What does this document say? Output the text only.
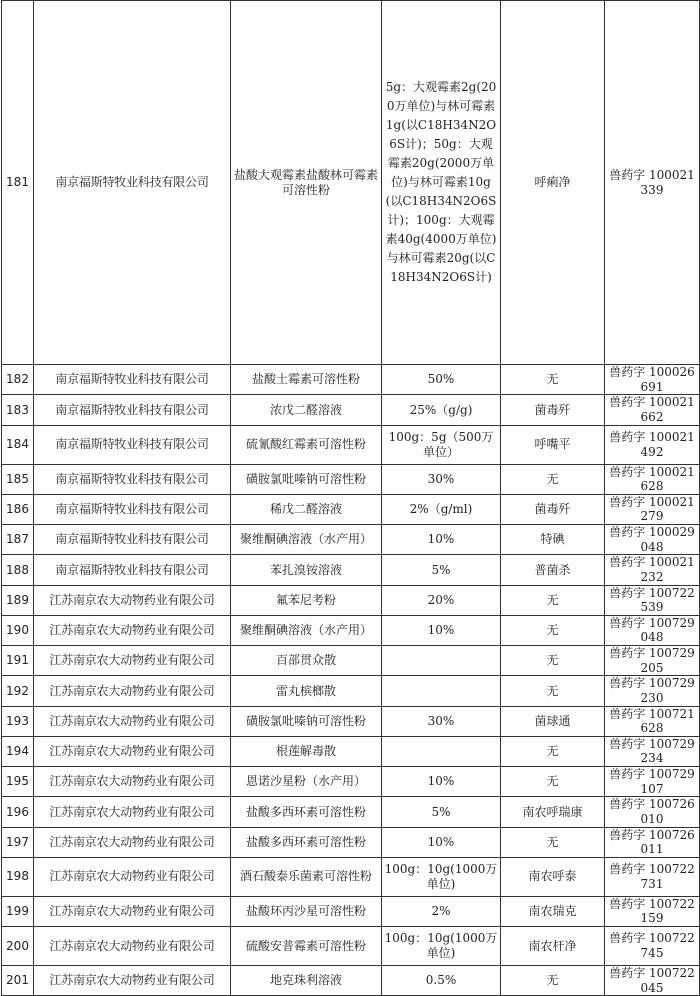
181	南京福斯特牧业科技有限公司	盐酸大观霉素盐酸林可霉素可溶性粉	5g：大观霉素2g(200万单位)与林可霉素1g(以C18H34N2O6S计)；50g：大观霉素20g(2000万单位)与林可霉素10g(以C18H34N2O6S计)；100g：大观霉素40g(4000万单位)与林可霉素20g(以C18H34N2O6S计)	呼痢净	兽药字 100021339
182	南京福斯特牧业科技有限公司	盐酸土霉素可溶性粉	50%	无	兽药字 100026691
183	南京福斯特牧业科技有限公司	浓戊二醛溶液	25%（g/g)	菌毒歼	兽药字 100021662
184	南京福斯特牧业科技有限公司	硫氰酸红霉素可溶性粉	100g：5g（500万单位）	呼嘴平	兽药字 100021492
185	南京福斯特牧业科技有限公司	磺胺氯吡嗪钠可溶性粉	30%	无	兽药字 100021628
186	南京福斯特牧业科技有限公司	稀戊二醛溶液	2%（g/ml)	菌毒歼	兽药字 100021279
187	南京福斯特牧业科技有限公司	聚维酮碘溶液（水产用）	10%	特碘	兽药字 100029048
188	南京福斯特牧业科技有限公司	苯扎溴铵溶液	5%	普菌杀	兽药字 100021232
189	江苏南京农大动物药业有限公司	氟苯尼考粉	20%	无	兽药字 100722539
190	江苏南京农大动物药业有限公司	聚维酮碘溶液（水产用）	10%	无	兽药字 100729048
191	江苏南京农大动物药业有限公司	百部贯众散		无	兽药字 100729205
192	江苏南京农大动物药业有限公司	雷丸槟榔散		无	兽药字 100729230
193	江苏南京农大动物药业有限公司	磺胺氯吡嗪钠可溶性粉	30%	菌球通	兽药字 100721628
194	江苏南京农大动物药业有限公司	根莲解毒散		无	兽药字 100729234
195	江苏南京农大动物药业有限公司	恩诺沙星粉（水产用）	10%	无	兽药字 100729107
196	江苏南京农大动物药业有限公司	盐酸多西环素可溶性粉	5%	南农呼瑞康	兽药字 100726010
197	江苏南京农大动物药业有限公司	盐酸多西环素可溶性粉	10%	无	兽药字 100726011
198	江苏南京农大动物药业有限公司	酒石酸泰乐菌素可溶性粉	100g：10g(1000万单位)	南农呼泰	兽药字 100722731
199	江苏南京农大动物药业有限公司	盐酸环丙沙星可溶性粉	2%	南农瑞克	兽药字 100722159
200	江苏南京农大动物药业有限公司	硫酸安普霉素可溶性粉	100g：10g(1000万单位)	南农杆净	兽药字 100722745
201	江苏南京农大动物药业有限公司	地克珠利溶液	0.5%	无	兽药字 100722045
